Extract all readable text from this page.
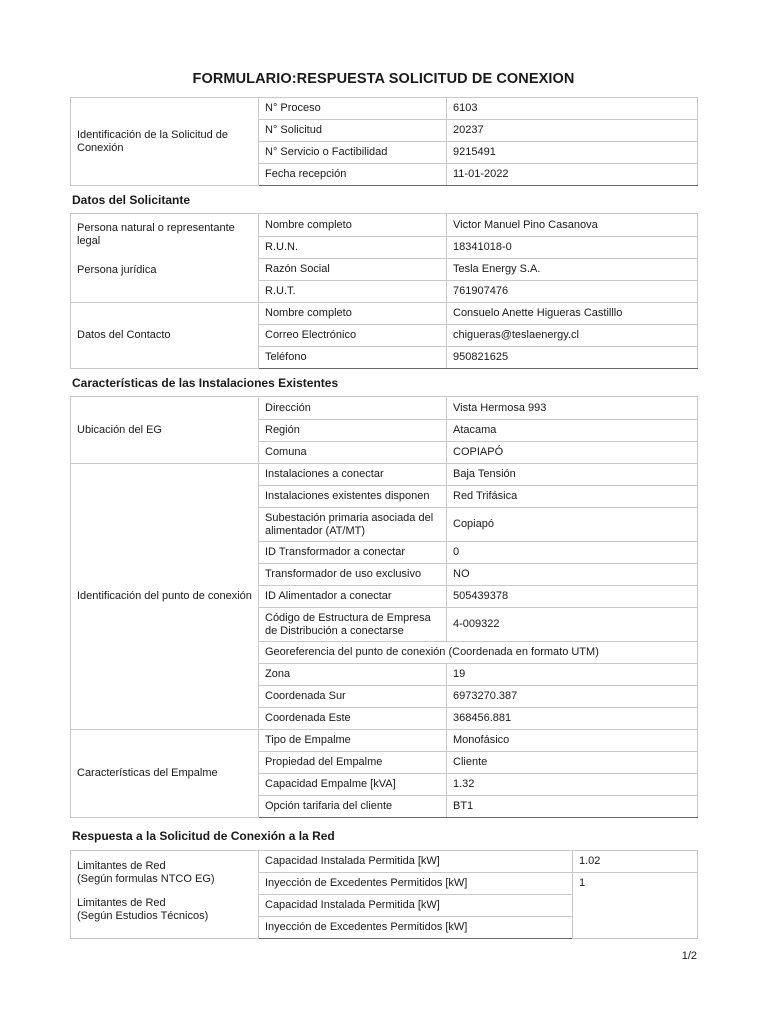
FORMULARIO:RESPUESTA SOLICITUD DE CONEXION
Identificación de la Solicitud de Conexión	N° Proceso	6103
	N° Solicitud	20237
	N° Servicio o Factibilidad	9215491
	Fecha recepción	11-01-2022
Datos del Solicitante
Persona natural o representante legal
Persona jurídica	Nombre completo	Victor Manuel Pino Casanova
	R.U.N.	18341018-0
	Razón Social	Tesla Energy S.A.
	R.U.T.	761907476
Datos del Contacto	Nombre completo	Consuelo Anette Higueras Castilllo
	Correo Electrónico	chigueras@teslaenergy.cl
	Teléfono	950821625
Características de las Instalaciones Existentes
Ubicación del EG	Dirección	Vista Hermosa 993
	Región	Atacama
	Comuna	COPIAPÓ
Identificación del punto de conexión	Instalaciones a conectar	Baja Tensión
	Instalaciones existentes disponen	Red Trifásica
	Subestación primaria asociada del alimentador (AT/MT)	Copiapó
	ID Transformador a conectar	0
	Transformador de uso exclusivo	NO
	ID Alimentador a conectar	505439378
	Código de Estructura de Empresa de Distribución a conectarse	4-009322
	Georeferencia del punto de conexión (Coordenada en formato UTM)	
	Zona	19
	Coordenada Sur	6973270.387
	Coordenada Este	368456.881
Características del Empalme	Tipo de Empalme	Monofásico
	Propiedad del Empalme	Cliente
	Capacidad Empalme [kVA]	1.32
	Opción tarifaria del cliente	BT1
Respuesta a la Solicitud de Conexión a la Red
Limitantes de Red
(Según formulas NTCO EG)
Limitantes de Red
(Según Estudios Técnicos)	Capacidad Instalada Permitida [kW]	1.02
	Inyección de Excedentes Permitidos [kW]	1
	Capacidad Instalada Permitida [kW]	
	Inyección de Excedentes Permitidos [kW]	
1/2
